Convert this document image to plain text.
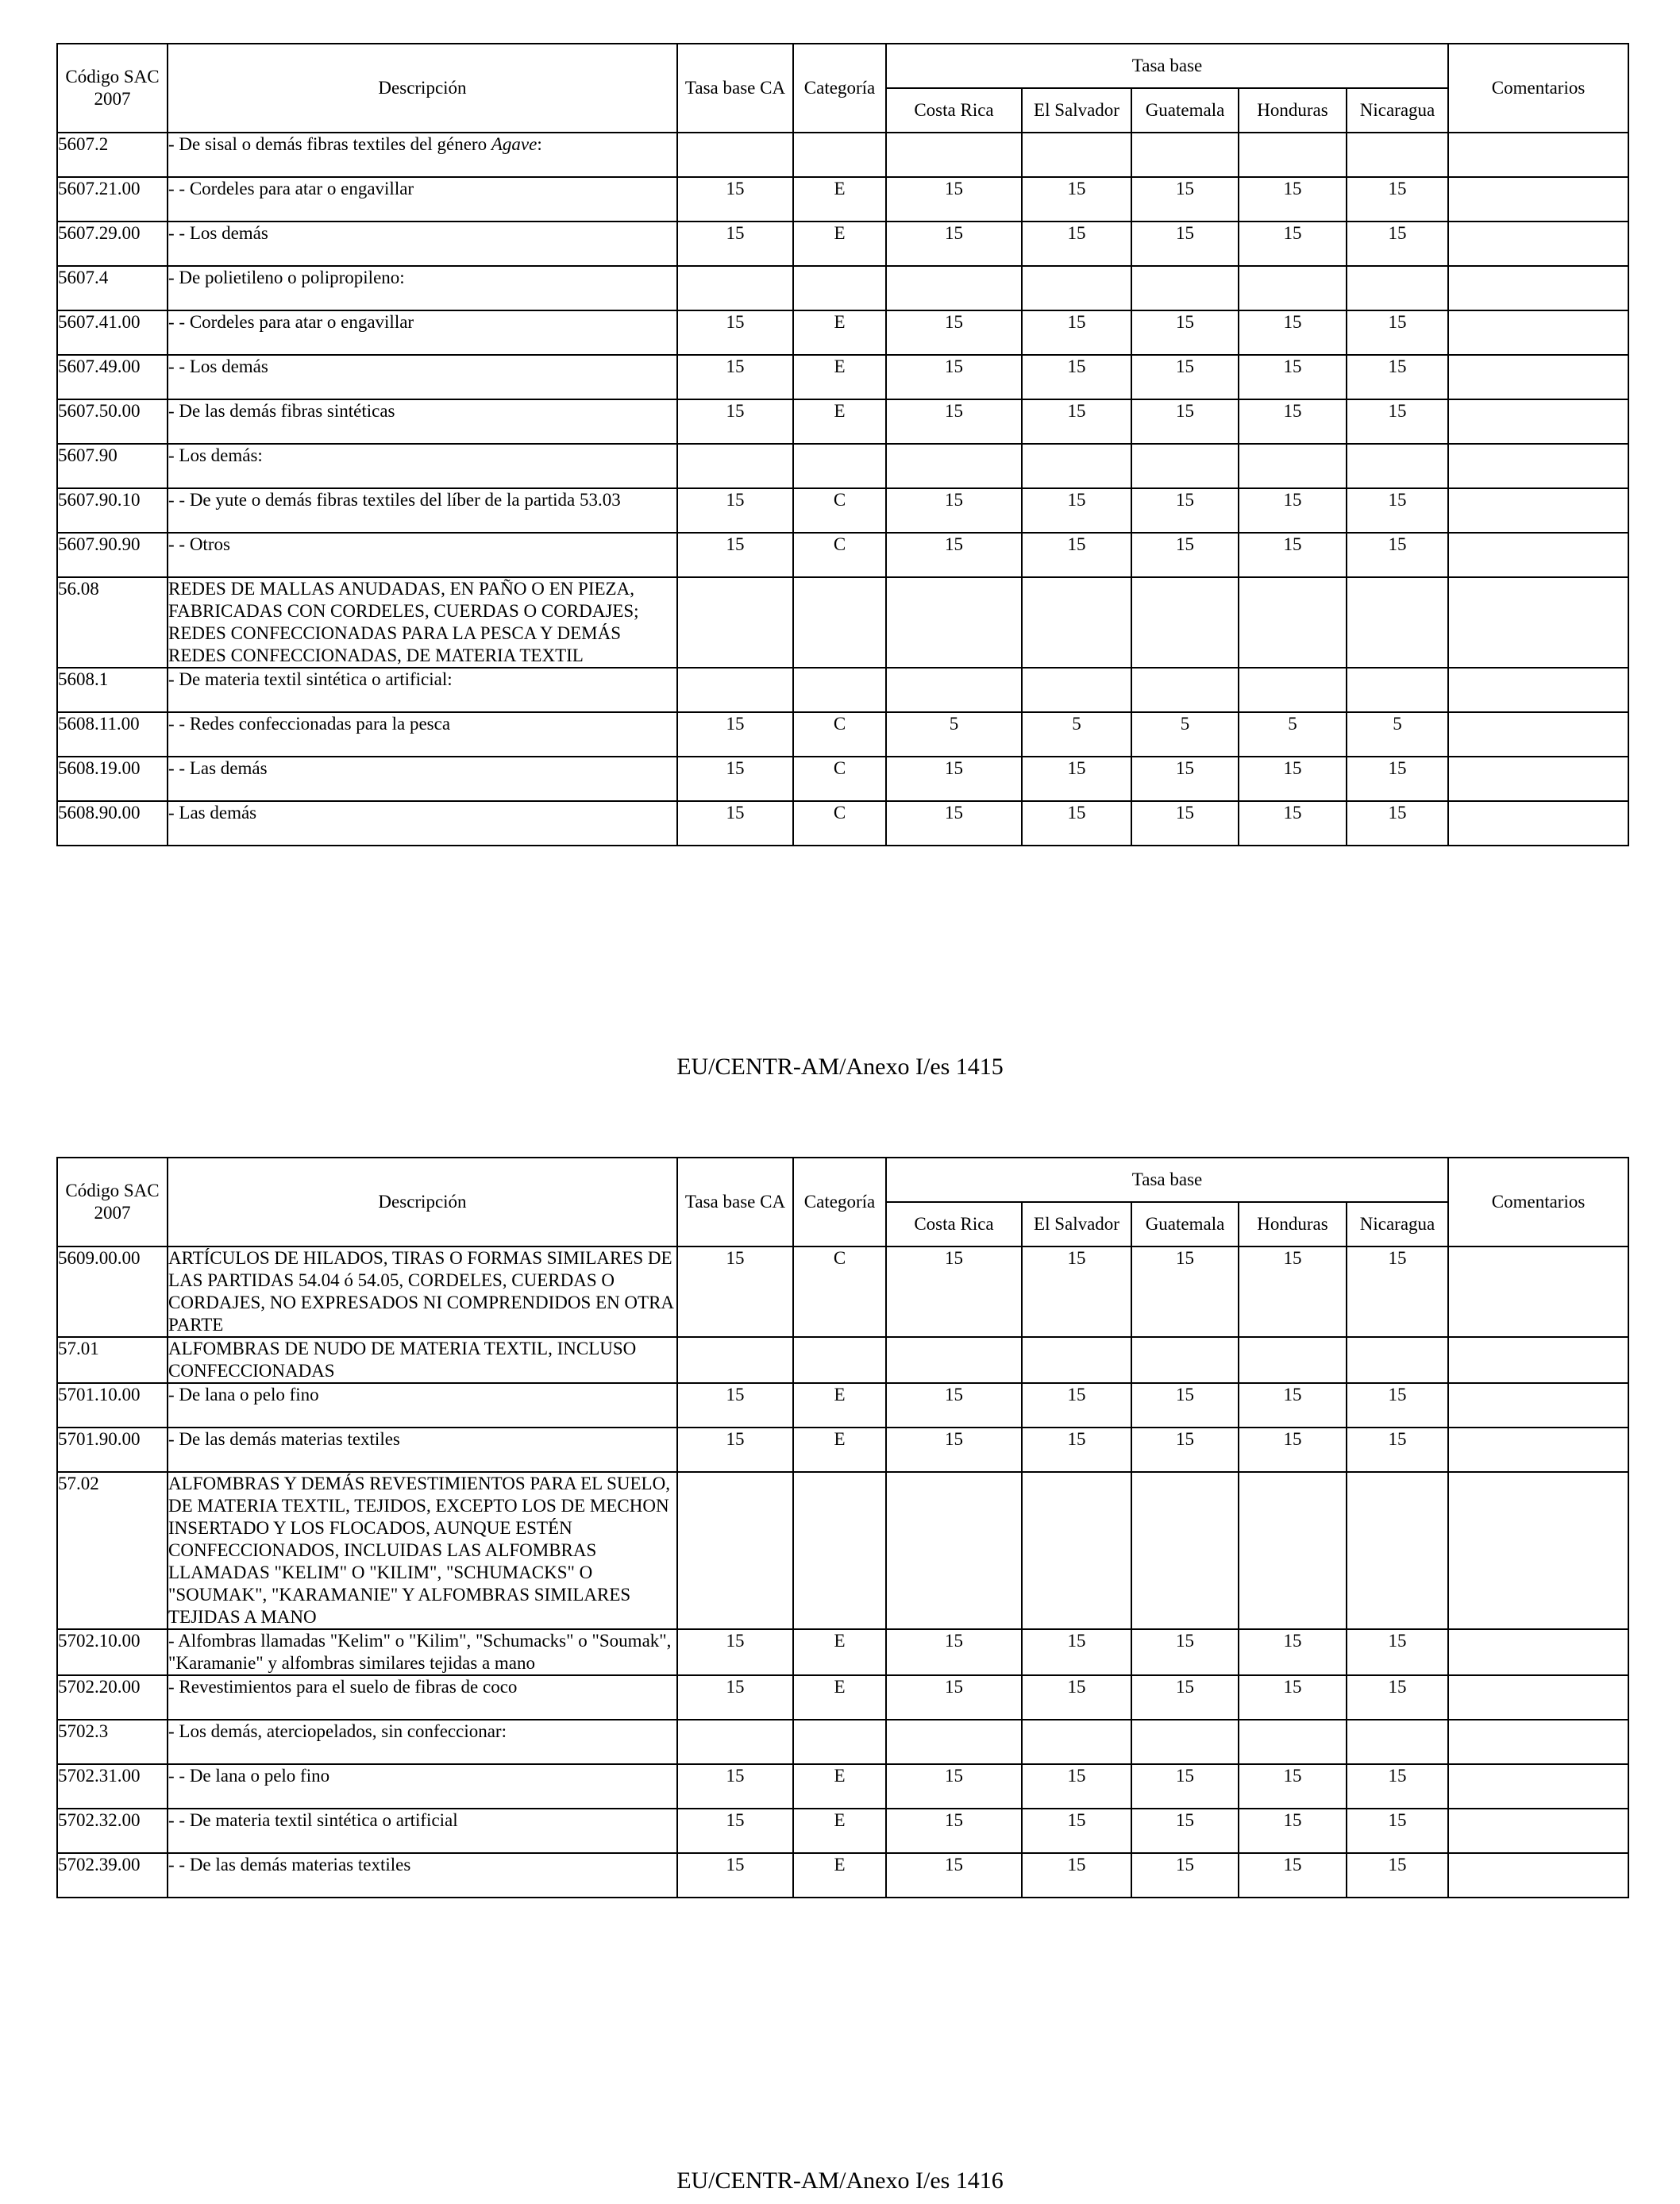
Código SAC 2007	Descripción	Tasa base CA	Categoría	Tasa base					Comentarios
				Costa Rica	El Salvador	Guatemala	Honduras	Nicaragua	
5607.2	- De sisal o demás fibras textiles del género Agave:								
5607.21.00	- - Cordeles para atar o engavillar	15	E	15	15	15	15	15	
5607.29.00	- - Los demás	15	E	15	15	15	15	15	
5607.4	- De polietileno o polipropileno:								
5607.41.00	- - Cordeles para atar o engavillar	15	E	15	15	15	15	15	
5607.49.00	- - Los demás	15	E	15	15	15	15	15	
5607.50.00	- De las demás fibras sintéticas	15	E	15	15	15	15	15	
5607.90	- Los demás:								
5607.90.10	- - De yute o demás fibras textiles del líber de la partida 53.03	15	C	15	15	15	15	15	
5607.90.90	- - Otros	15	C	15	15	15	15	15	
56.08	REDES DE MALLAS ANUDADAS, EN PAÑO O EN PIEZA, FABRICADAS CON CORDELES, CUERDAS O CORDAJES; REDES CONFECCIONADAS PARA LA PESCA Y DEMÁS REDES CONFECCIONADAS, DE MATERIA TEXTIL								
5608.1	- De materia textil sintética o artificial:								
5608.11.00	- - Redes confeccionadas para la pesca	15	C	5	5	5	5	5	
5608.19.00	- - Las demás	15	C	15	15	15	15	15	
5608.90.00	- Las demás	15	C	15	15	15	15	15	
EU/CENTR-AM/Anexo I/es 1415
Código SAC 2007	Descripción	Tasa base CA	Categoría	Tasa base					Comentarios
				Costa Rica	El Salvador	Guatemala	Honduras	Nicaragua	
5609.00.00	ARTÍCULOS DE HILADOS, TIRAS O FORMAS SIMILARES DE LAS PARTIDAS 54.04 ó 54.05, CORDELES, CUERDAS O CORDAJES, NO EXPRESADOS NI COMPRENDIDOS EN OTRA PARTE	15	C	15	15	15	15	15	
57.01	ALFOMBRAS DE NUDO DE MATERIA TEXTIL, INCLUSO CONFECCIONADAS								
5701.10.00	- De lana o pelo fino	15	E	15	15	15	15	15	
5701.90.00	- De las demás materias textiles	15	E	15	15	15	15	15	
57.02	ALFOMBRAS Y DEMÁS REVESTIMIENTOS PARA EL SUELO, DE MATERIA TEXTIL, TEJIDOS, EXCEPTO LOS DE MECHON INSERTADO Y LOS FLOCADOS, AUNQUE ESTÉN CONFECCIONADOS, INCLUIDAS LAS ALFOMBRAS LLAMADAS "KELIM" O "KILIM", "SCHUMACKS" O "SOUMAK", "KARAMANIE" Y ALFOMBRAS SIMILARES TEJIDAS A MANO								
5702.10.00	- Alfombras llamadas "Kelim" o "Kilim", "Schumacks" o "Soumak", "Karamanie" y alfombras similares tejidas a mano	15	E	15	15	15	15	15	
5702.20.00	- Revestimientos para el suelo de fibras de coco	15	E	15	15	15	15	15	
5702.3	- Los demás, aterciopelados, sin confeccionar:								
5702.31.00	- - De lana o pelo fino	15	E	15	15	15	15	15	
5702.32.00	- - De materia textil sintética o artificial	15	E	15	15	15	15	15	
5702.39.00	- - De las demás materias textiles	15	E	15	15	15	15	15	
EU/CENTR-AM/Anexo I/es 1416
